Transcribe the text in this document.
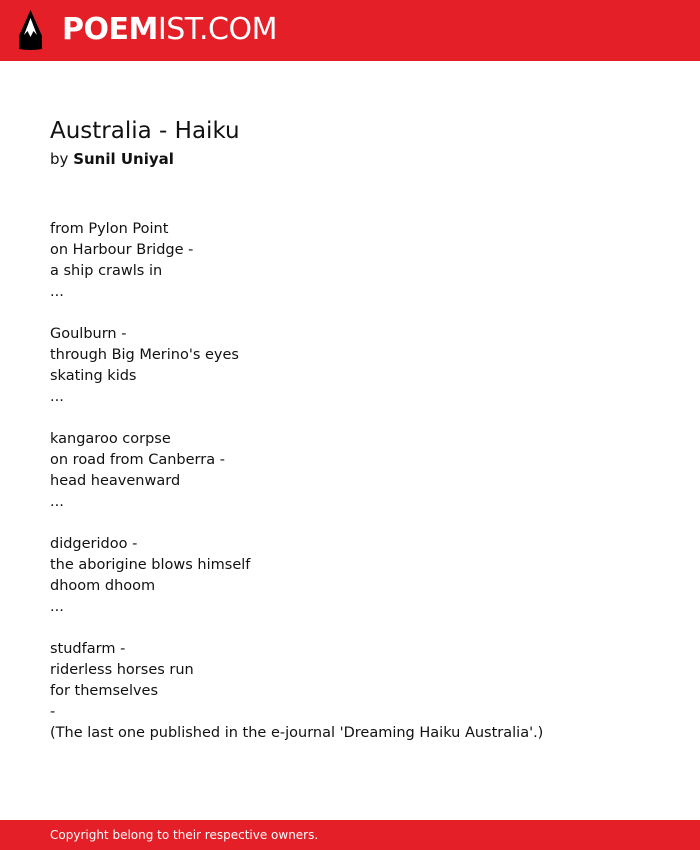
POEMIST.COM
Australia - Haiku
by Sunil Uniyal
from Pylon Point
on Harbour Bridge -
a ship crawls in
...
Goulburn -
through Big Merino's eyes
skating kids
...
kangaroo corpse
on road from Canberra -
head heavenward
...
didgeridoo -
the aborigine blows himself
dhoom dhoom
...
studfarm -
riderless horses run
for themselves
-
(The last one published in the e-journal 'Dreaming Haiku Australia'.)
Copyright belong to their respective owners.
